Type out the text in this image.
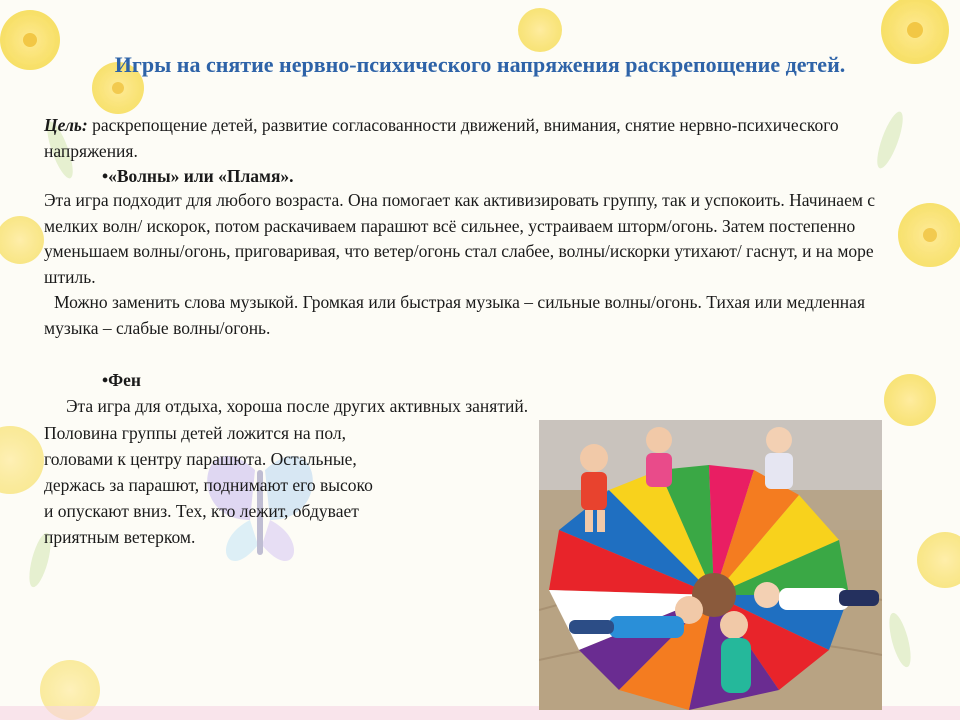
Игры на снятие нервно-психического напряжения раскрепощение детей.

Цель: раскрепощение детей, развитие согласованности движений, внимания, снятие нервно-психического напряжения.

•«Волны» или «Пламя».

Эта игра подходит для любого возраста. Она помогает как активизировать группу, так и успокоить. Начинаем с мелких волн/ искорок, потом раскачиваем парашют всё сильнее, устраиваем шторм/огонь. Затем постепенно уменьшаем волны/огонь, приговаривая, что ветер/огонь стал слабее, волны/искорки утихают/ гаснут, и на море штиль.

Можно заменить слова музыкой. Громкая или быстрая музыка – сильные волны/огонь. Тихая или медленная музыка – слабые волны/огонь.

•Фен
Эта игра для отдыха, хороша после других активных занятий.

Половина группы детей ложится на пол,
головами к центру парашюта. Остальные,
держась за парашют, поднимают его высоко
и опускают вниз. Тех, кто лежит, обдувает
приятным ветерком.
